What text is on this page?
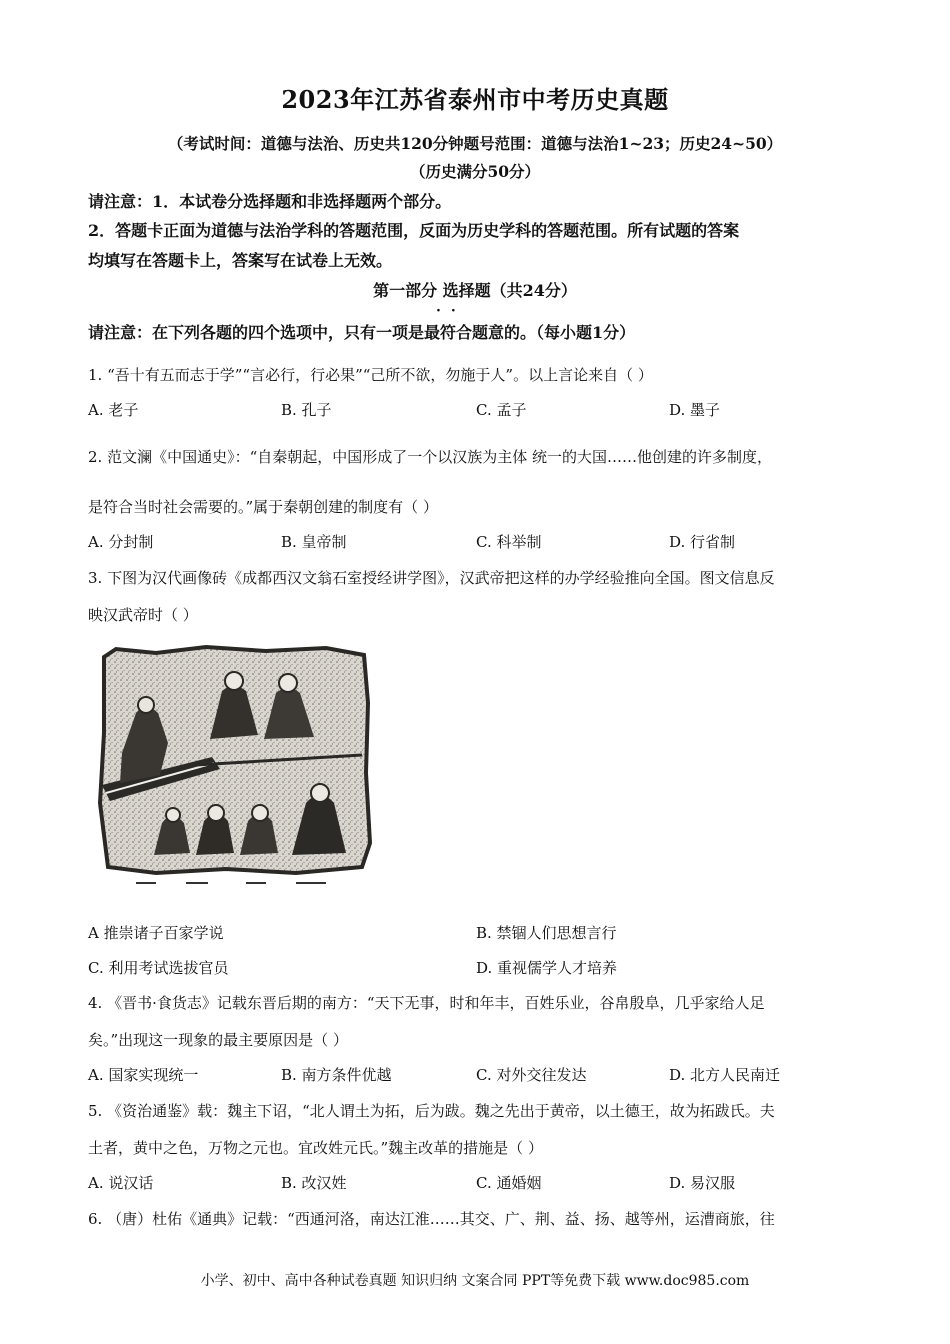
2023年江苏省泰州市中考历史真题
（考试时间：道德与法治、历史共120分钟题号范围：道德与法治1~23；历史24~50）
（历史满分50分）
请注意：1．本试卷分选择题和非选择题两个部分。
2．答题卡正面为道德与法治学科的答题范围，反面为历史学科的答题范围。所有试题的答案
均填写在答题卡上，答案写在试卷上无效。
第一部分 选择题（共24分）
··
请注意：在下列各题的四个选项中，只有一项是最符合题意的。（每小题1分）
1. “吾十有五而志于学”“言必行，行必果”“己所不欲，勿施于人”。以上言论来自（ ）
A. 老子	B. 孔子	C. 孟子	D. 墨子
2. 范文澜《中国通史》：“自秦朝起，中国形成了一个以汉族为主体 统一的大国……他创建的许多制度，
是符合当时社会需要的。”属于秦朝创建的制度有（ ）
A. 分封制	B. 皇帝制	C. 科举制	D. 行省制
3. 下图为汉代画像砖《成都西汉文翁石室授经讲学图》，汉武帝把这样的办学经验推向全国。图文信息反
映汉武帝时（ ）
A 推崇诸子百家学说	B. 禁锢人们思想言行
C. 利用考试选拔官员	D. 重视儒学人才培养
4. 《晋书·食货志》记载东晋后期的南方：“天下无事，时和年丰，百姓乐业，谷帛殷阜，几乎家给人足
矣。”出现这一现象的最主要原因是（ ）
A. 国家实现统一	B. 南方条件优越	C. 对外交往发达	D. 北方人民南迁
5. 《资治通鉴》载：魏主下诏，“北人谓土为拓，后为跋。魏之先出于黄帝，以土德王，故为拓跋氏。夫
土者，黄中之色，万物之元也。宜改姓元氏。”魏主改革的措施是（ ）
A. 说汉话	B. 改汉姓	C. 通婚姻	D. 易汉服
6. （唐）杜佑《通典》记载：“西通河洛，南达江淮……其交、广、荆、益、扬、越等州，运漕商旅，往
小学、初中、高中各种试卷真题 知识归纳 文案合同 PPT等免费下载 www.doc985.com
